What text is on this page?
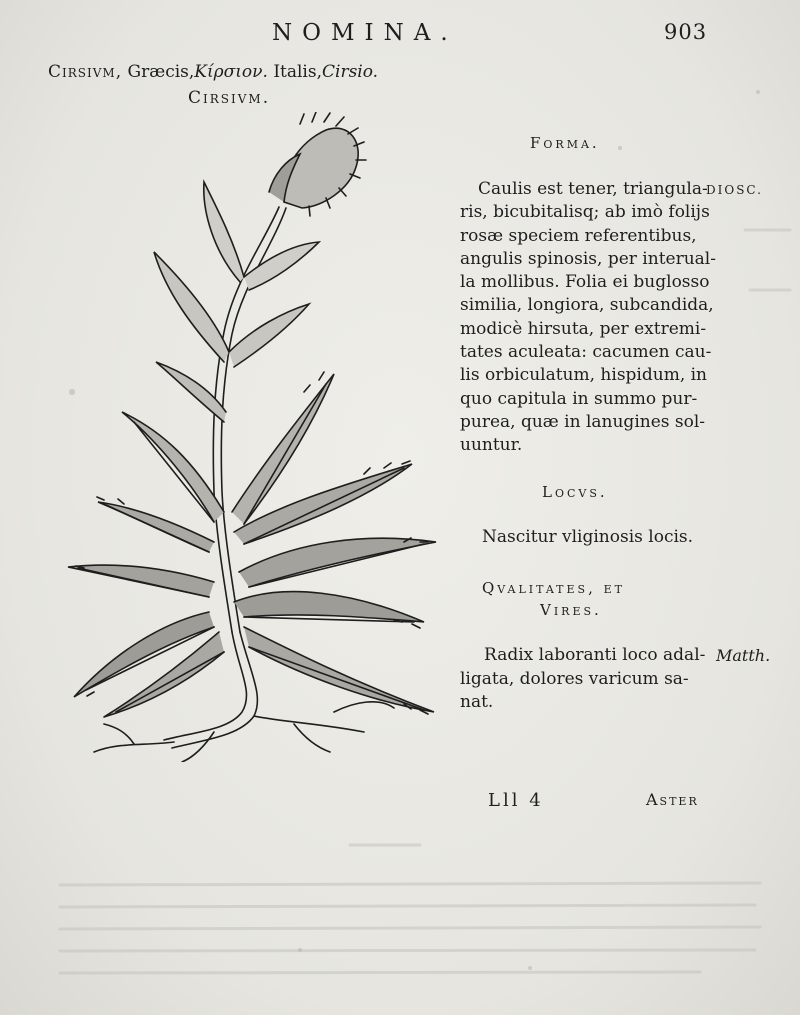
NOMINA.	903
Cirsivm, Græcis,Κίρσιον. Italis,Cirsio.
Cirsivm.
Forma.
DIOSC.

Caulis est tener, triangula-
ris, bicubitalisq; ab imò folijs
rosæ speciem referentibus,
angulis spinosis, per interual-
la mollibus. Folia ei buglosso
similia, longiora, subcandida,
modicè hirsuta, per extremi-
tates aculeata: cacumen cau-
lis orbiculatum, hispidum, in
quo capitula in summo pur-
purea, quæ in lanugines sol-
uuntur.

Locvs.
Nascitur vliginosis locis.
Qvalitates, et
Vires.
Matth.
Radix laboranti loco adal-
ligata, dolores varicum sa-
nat.
Lll 4	Aster
